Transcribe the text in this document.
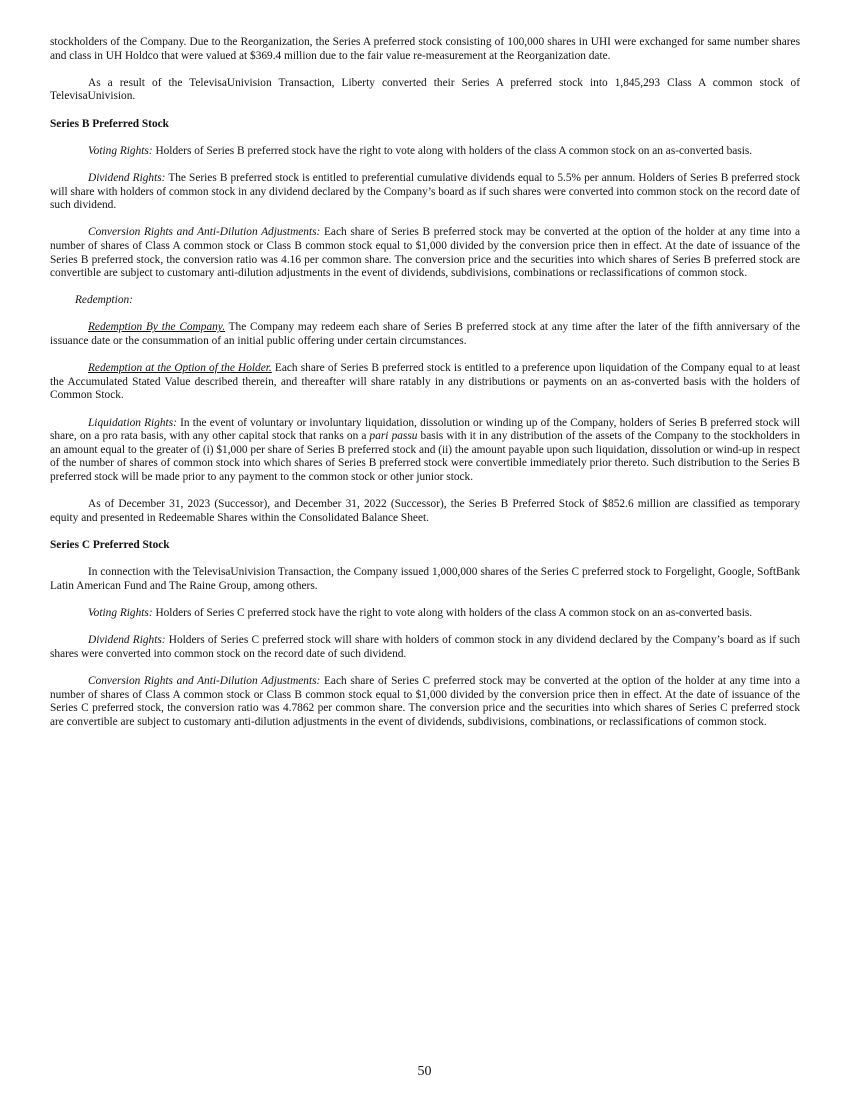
stockholders of the Company. Due to the Reorganization, the Series A preferred stock consisting of 100,000 shares in UHI were exchanged for same number shares and class in UH Holdco that were valued at $369.4 million due to the fair value re-measurement at the Reorganization date.

As a result of the TelevisaUnivision Transaction, Liberty converted their Series A preferred stock into 1,845,293 Class A common stock of TelevisaUnivision.

Series B Preferred Stock

Voting Rights: Holders of Series B preferred stock have the right to vote along with holders of the class A common stock on an as-converted basis.

Dividend Rights: The Series B preferred stock is entitled to preferential cumulative dividends equal to 5.5% per annum. Holders of Series B preferred stock will share with holders of common stock in any dividend declared by the Company’s board as if such shares were converted into common stock on the record date of such dividend.

Conversion Rights and Anti-Dilution Adjustments: Each share of Series B preferred stock may be converted at the option of the holder at any time into a number of shares of Class A common stock or Class B common stock equal to $1,000 divided by the conversion price then in effect. At the date of issuance of the Series B preferred stock, the conversion ratio was 4.16 per common share. The conversion price and the securities into which shares of Series B preferred stock are convertible are subject to customary anti-dilution adjustments in the event of dividends, subdivisions, combinations or reclassifications of common stock.

Redemption:

Redemption By the Company. The Company may redeem each share of Series B preferred stock at any time after the later of the fifth anniversary of the issuance date or the consummation of an initial public offering under certain circumstances.

Redemption at the Option of the Holder. Each share of Series B preferred stock is entitled to a preference upon liquidation of the Company equal to at least the Accumulated Stated Value described therein, and thereafter will share ratably in any distributions or payments on an as-converted basis with the holders of Common Stock.

Liquidation Rights: In the event of voluntary or involuntary liquidation, dissolution or winding up of the Company, holders of Series B preferred stock will share, on a pro rata basis, with any other capital stock that ranks on a pari passu basis with it in any distribution of the assets of the Company to the stockholders in an amount equal to the greater of (i) $1,000 per share of Series B preferred stock and (ii) the amount payable upon such liquidation, dissolution or wind-up in respect of the number of shares of common stock into which shares of Series B preferred stock were convertible immediately prior thereto. Such distribution to the Series B preferred stock will be made prior to any payment to the common stock or other junior stock.

As of December 31, 2023 (Successor), and December 31, 2022 (Successor), the Series B Preferred Stock of $852.6 million are classified as temporary equity and presented in Redeemable Shares within the Consolidated Balance Sheet.

Series C Preferred Stock

In connection with the TelevisaUnivision Transaction, the Company issued 1,000,000 shares of the Series C preferred stock to Forgelight, Google, SoftBank Latin American Fund and The Raine Group, among others.

Voting Rights: Holders of Series C preferred stock have the right to vote along with holders of the class A common stock on an as-converted basis.

Dividend Rights: Holders of Series C preferred stock will share with holders of common stock in any dividend declared by the Company’s board as if such shares were converted into common stock on the record date of such dividend.

Conversion Rights and Anti-Dilution Adjustments: Each share of Series C preferred stock may be converted at the option of the holder at any time into a number of shares of Class A common stock or Class B common stock equal to $1,000 divided by the conversion price then in effect. At the date of issuance of the Series C preferred stock, the conversion ratio was 4.7862 per common share. The conversion price and the securities into which shares of Series C preferred stock are convertible are subject to customary anti-dilution adjustments in the event of dividends, subdivisions, combinations, or reclassifications of common stock.

50
